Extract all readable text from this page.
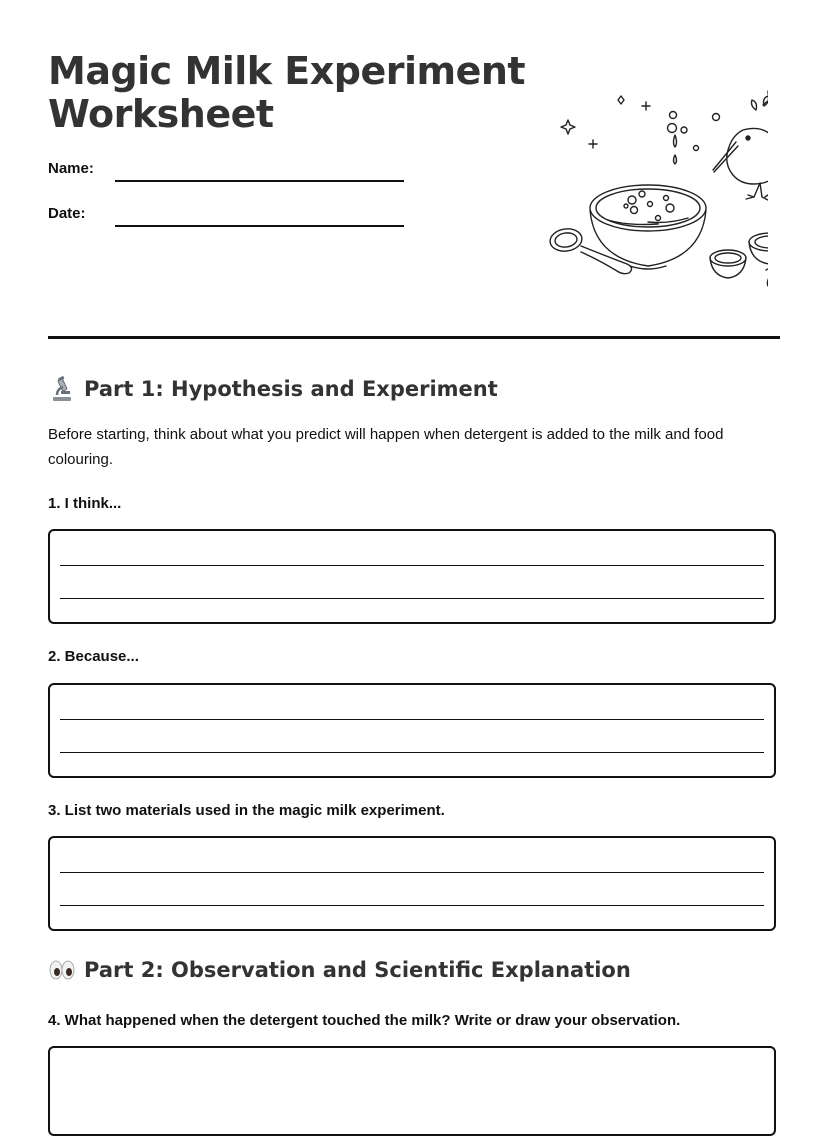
Magic Milk Experiment
Worksheet
Name:
Date:
Part 1: Hypothesis and Experiment

Before starting, think about what you predict will happen when detergent is added to the milk and food colouring.

1. I think...
2. Because...
3. List two materials used in the magic milk experiment.
Part 2: Observation and Scientific Explanation
4. What happened when the detergent touched the milk? Write or draw your observation.
